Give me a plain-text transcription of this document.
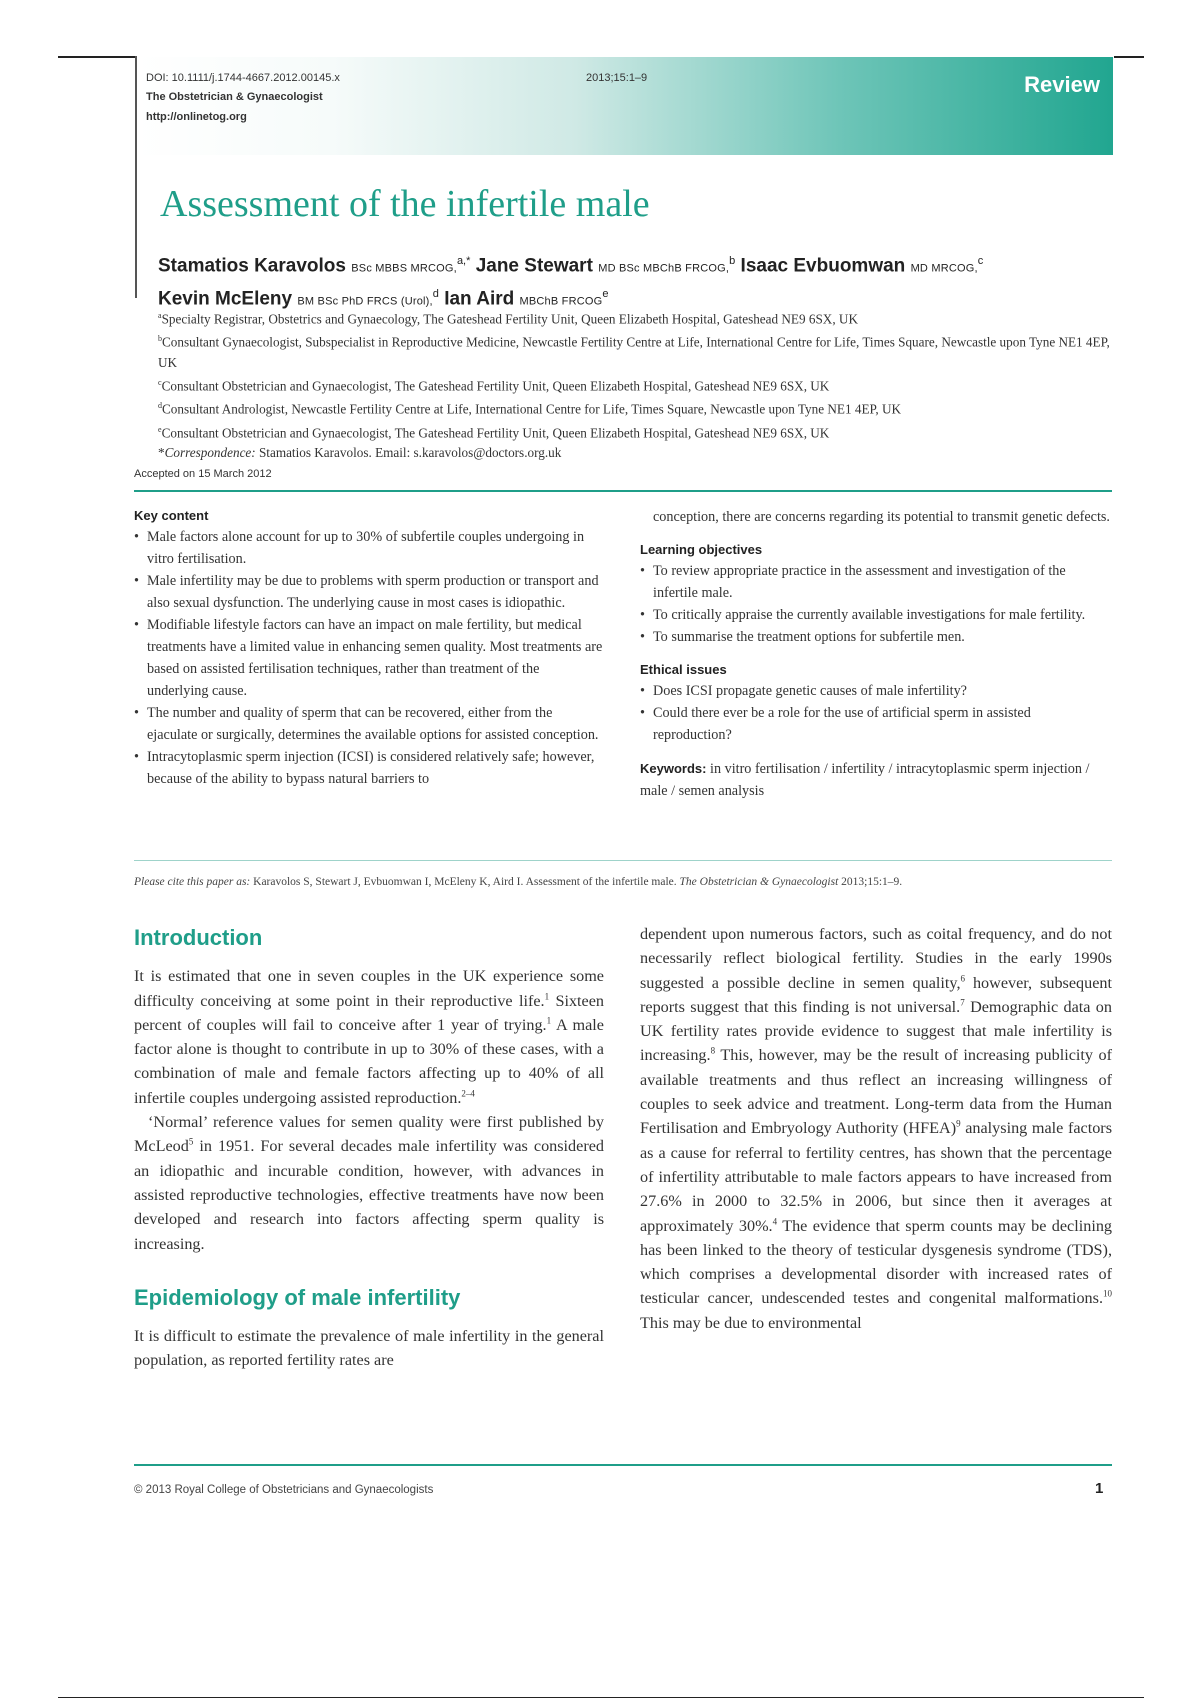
DOI: 10.1111/j.1744-4667.2012.00145.x
The Obstetrician & Gynaecologist
http://onlinetog.org
2013;15:1–9	Review
Assessment of the infertile male
Stamatios Karavolos BSc MBBS MRCOG,$^{a,*}$ Jane Stewart MD BSc MBChB FRCOG,$^b$ Isaac Evbuomwan MD MRCOG,$^c$
Kevin McEleny BM BSc PhD FRCS (Urol),$^d$ Ian Aird MBChB FRCOG$^e$

$^a$Specialty Registrar, Obstetrics and Gynaecology, The Gateshead Fertility Unit, Queen Elizabeth Hospital, Gateshead NE9 6SX, UK

$^b$Consultant Gynaecologist, Subspecialist in Reproductive Medicine, Newcastle Fertility Centre at Life, International Centre for Life, Times Square, Newcastle upon Tyne NE1 4EP, UK

$^c$Consultant Obstetrician and Gynaecologist, The Gateshead Fertility Unit, Queen Elizabeth Hospital, Gateshead NE9 6SX, UK

$^d$Consultant Andrologist, Newcastle Fertility Centre at Life, International Centre for Life, Times Square, Newcastle upon Tyne NE1 4EP, UK

$^e$Consultant Obstetrician and Gynaecologist, The Gateshead Fertility Unit, Queen Elizabeth Hospital, Gateshead NE9 6SX, UK

*Correspondence: Stamatios Karavolos. Email: s.karavolos@doctors.org.uk

Accepted on 15 March 2012
Key content
• Male factors alone account for up to 30% of subfertile couples undergoing in vitro fertilisation.
• Male infertility may be due to problems with sperm production or transport and also sexual dysfunction. The underlying cause in most cases is idiopathic.
• Modifiable lifestyle factors can have an impact on male fertility, but medical treatments have a limited value in enhancing semen quality. Most treatments are based on assisted fertilisation techniques, rather than treatment of the underlying cause.
• The number and quality of sperm that can be recovered, either from the ejaculate or surgically, determines the available options for assisted conception.
• Intracytoplasmic sperm injection (ICSI) is considered relatively safe; however, because of the ability to bypass natural barriers to

conception, there are concerns regarding its potential to transmit genetic defects.

Learning objectives
• To review appropriate practice in the assessment and investigation of the infertile male.
• To critically appraise the currently available investigations for male fertility.
• To summarise the treatment options for subfertile men.
Ethical issues
• Does ICSI propagate genetic causes of male infertility?
• Could there ever be a role for the use of artificial sperm in assisted reproduction?

Keywords: in vitro fertilisation / infertility / intracytoplasmic sperm injection / male / semen analysis

Please cite this paper as: Karavolos S, Stewart J, Evbuomwan I, McEleny K, Aird I. Assessment of the infertile male. The Obstetrician & Gynaecologist 2013;15:1–9.
Introduction

It is estimated that one in seven couples in the UK experience some difficulty conceiving at some point in their reproductive life.$^1$ Sixteen percent of couples will fail to conceive after 1 year of trying.$^1$ A male factor alone is thought to contribute in up to 30% of these cases, with a combination of male and female factors affecting up to 40% of all infertile couples undergoing assisted reproduction.$^{2-4}$

‘Normal’ reference values for semen quality were first published by McLeod$^5$ in 1951. For several decades male infertility was considered an idiopathic and incurable condition, however, with advances in assisted reproductive technologies, effective treatments have now been developed and research into factors affecting sperm quality is increasing.

Epidemiology of male infertility

It is difficult to estimate the prevalence of male infertility in the general population, as reported fertility rates are

dependent upon numerous factors, such as coital frequency, and do not necessarily reflect biological fertility. Studies in the early 1990s suggested a possible decline in semen quality,$^6$ however, subsequent reports suggest that this finding is not universal.$^7$ Demographic data on UK fertility rates provide evidence to suggest that male infertility is increasing.$^8$ This, however, may be the result of increasing publicity of available treatments and thus reflect an increasing willingness of couples to seek advice and treatment. Long-term data from the Human Fertilisation and Embryology Authority (HFEA)$^9$ analysing male factors as a cause for referral to fertility centres, has shown that the percentage of infertility attributable to male factors appears to have increased from 27.6% in 2000 to 32.5% in 2006, but since then it averages at approximately 30%.$^4$ The evidence that sperm counts may be declining has been linked to the theory of testicular dysgenesis syndrome (TDS), which comprises a developmental disorder with increased rates of testicular cancer, undescended testes and congenital malformations.$^{10}$ This may be due to environmental

© 2013 Royal College of Obstetricians and Gynaecologists	1
